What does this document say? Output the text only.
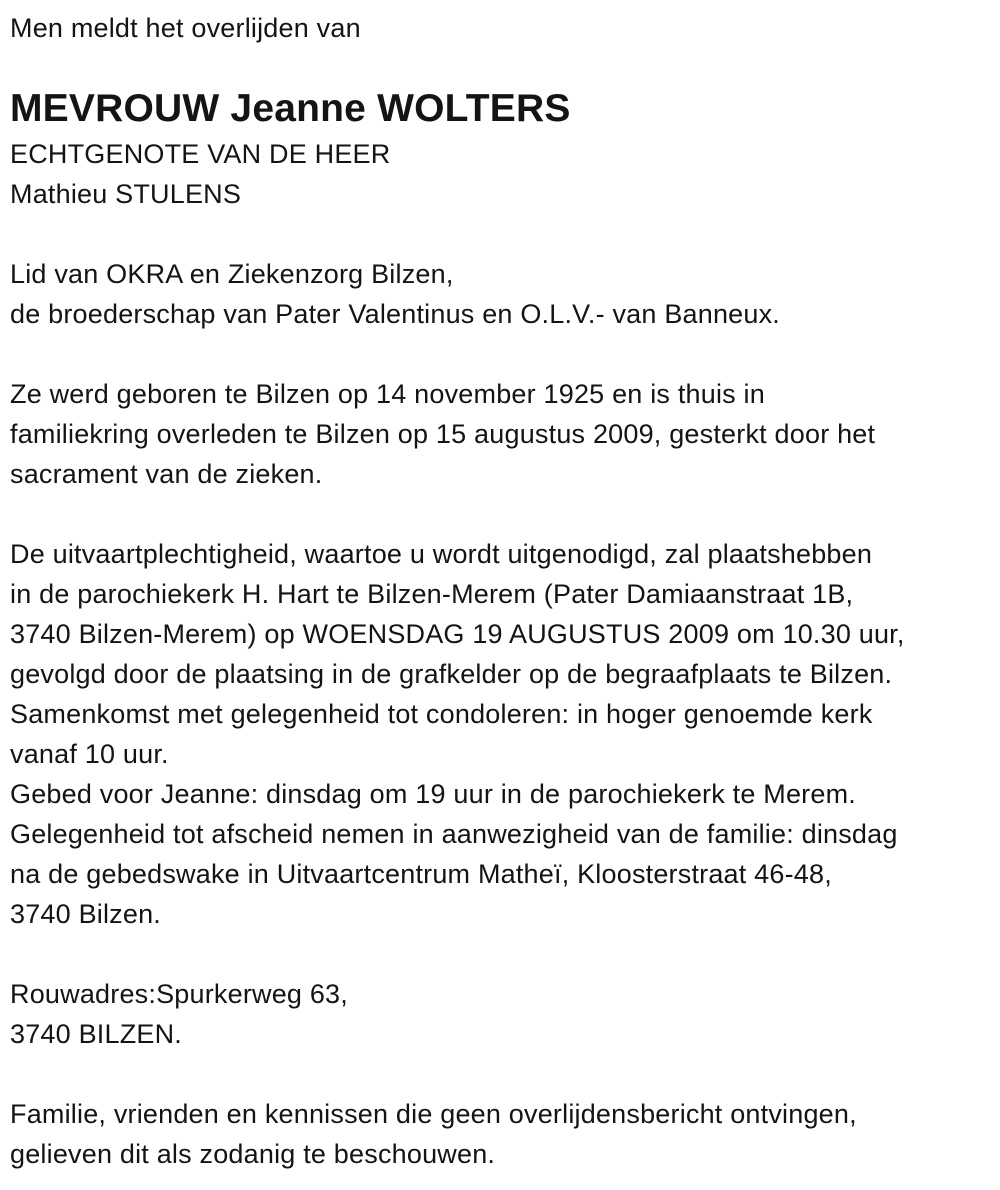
Men meldt het overlijden van

MEVROUW Jeanne WOLTERS

ECHTGENOTE VAN DE HEER

Mathieu STULENS

Lid van OKRA en Ziekenzorg Bilzen,

de broederschap van Pater Valentinus en O.L.V.- van Banneux.

Ze werd geboren te Bilzen op 14 november 1925 en is thuis in

familiekring overleden te Bilzen op 15 augustus 2009, gesterkt door het

sacrament van de zieken.

De uitvaartplechtigheid, waartoe u wordt uitgenodigd, zal plaatshebben

in de parochiekerk H. Hart te Bilzen-Merem (Pater Damiaanstraat 1B,

3740 Bilzen-Merem) op WOENSDAG 19 AUGUSTUS 2009 om 10.30 uur,

gevolgd door de plaatsing in de grafkelder op de begraafplaats te Bilzen.

Samenkomst met gelegenheid tot condoleren: in hoger genoemde kerk

vanaf 10 uur.

Gebed voor Jeanne: dinsdag om 19 uur in de parochiekerk te Merem.

Gelegenheid tot afscheid nemen in aanwezigheid van de familie: dinsdag

na de gebedswake in Uitvaartcentrum Matheï, Kloosterstraat 46-48,

3740 Bilzen.

Rouwadres:Spurkerweg 63,

3740 BILZEN.

Familie, vrienden en kennissen die geen overlijdensbericht ontvingen,

gelieven dit als zodanig te beschouwen.
